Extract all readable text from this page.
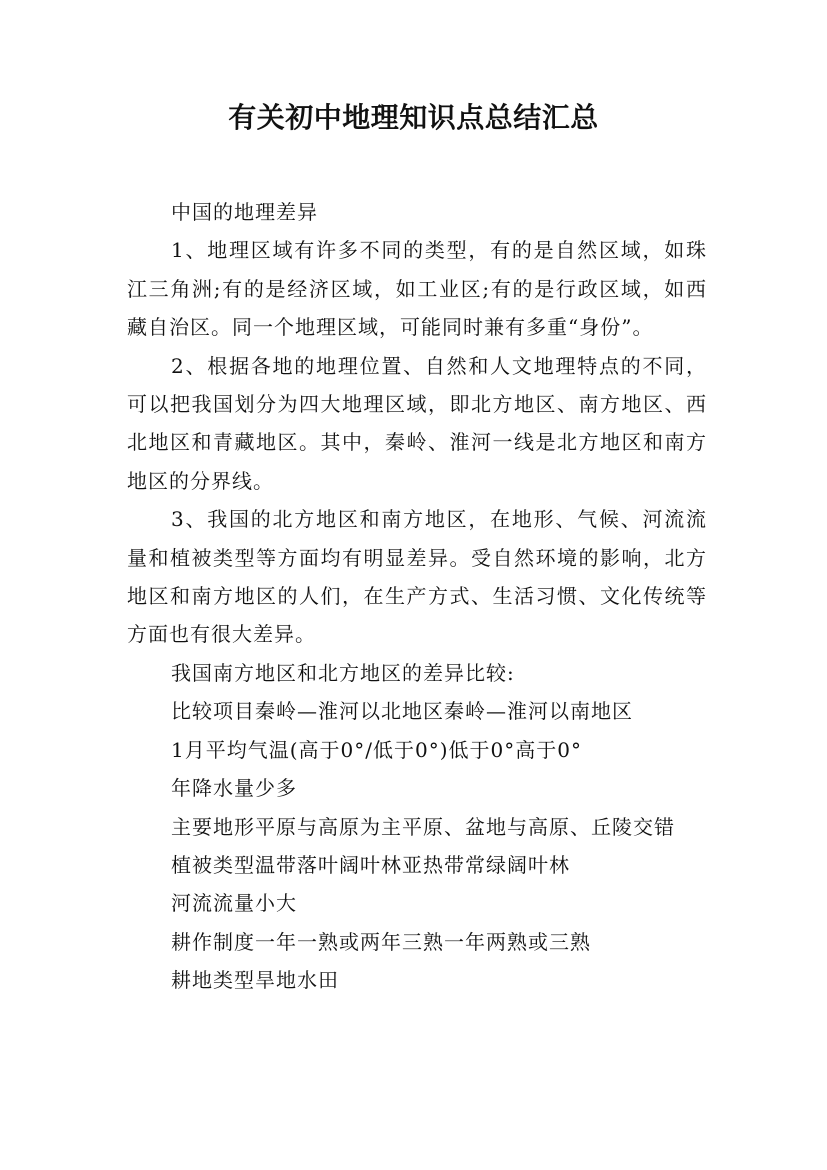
有关初中地理知识点总结汇总

中国的地理差异

1、地理区域有许多不同的类型，有的是自然区域，如珠江三角洲;有的是经济区域，如工业区;有的是行政区域，如西藏自治区。同一个地理区域，可能同时兼有多重“身份”。

2、根据各地的地理位置、自然和人文地理特点的不同，可以把我国划分为四大地理区域，即北方地区、南方地区、西北地区和青藏地区。其中，秦岭、淮河一线是北方地区和南方地区的分界线。

3、我国的北方地区和南方地区，在地形、气候、河流流量和植被类型等方面均有明显差异。受自然环境的影响，北方地区和南方地区的人们，在生产方式、生活习惯、文化传统等方面也有很大差异。

我国南方地区和北方地区的差异比较:

比较项目秦岭—淮河以北地区秦岭—淮河以南地区

1月平均气温(高于0°/低于0°)低于0°高于0°

年降水量少多

主要地形平原与高原为主平原、盆地与高原、丘陵交错

植被类型温带落叶阔叶林亚热带常绿阔叶林

河流流量小大

耕作制度一年一熟或两年三熟一年两熟或三熟

耕地类型旱地水田
